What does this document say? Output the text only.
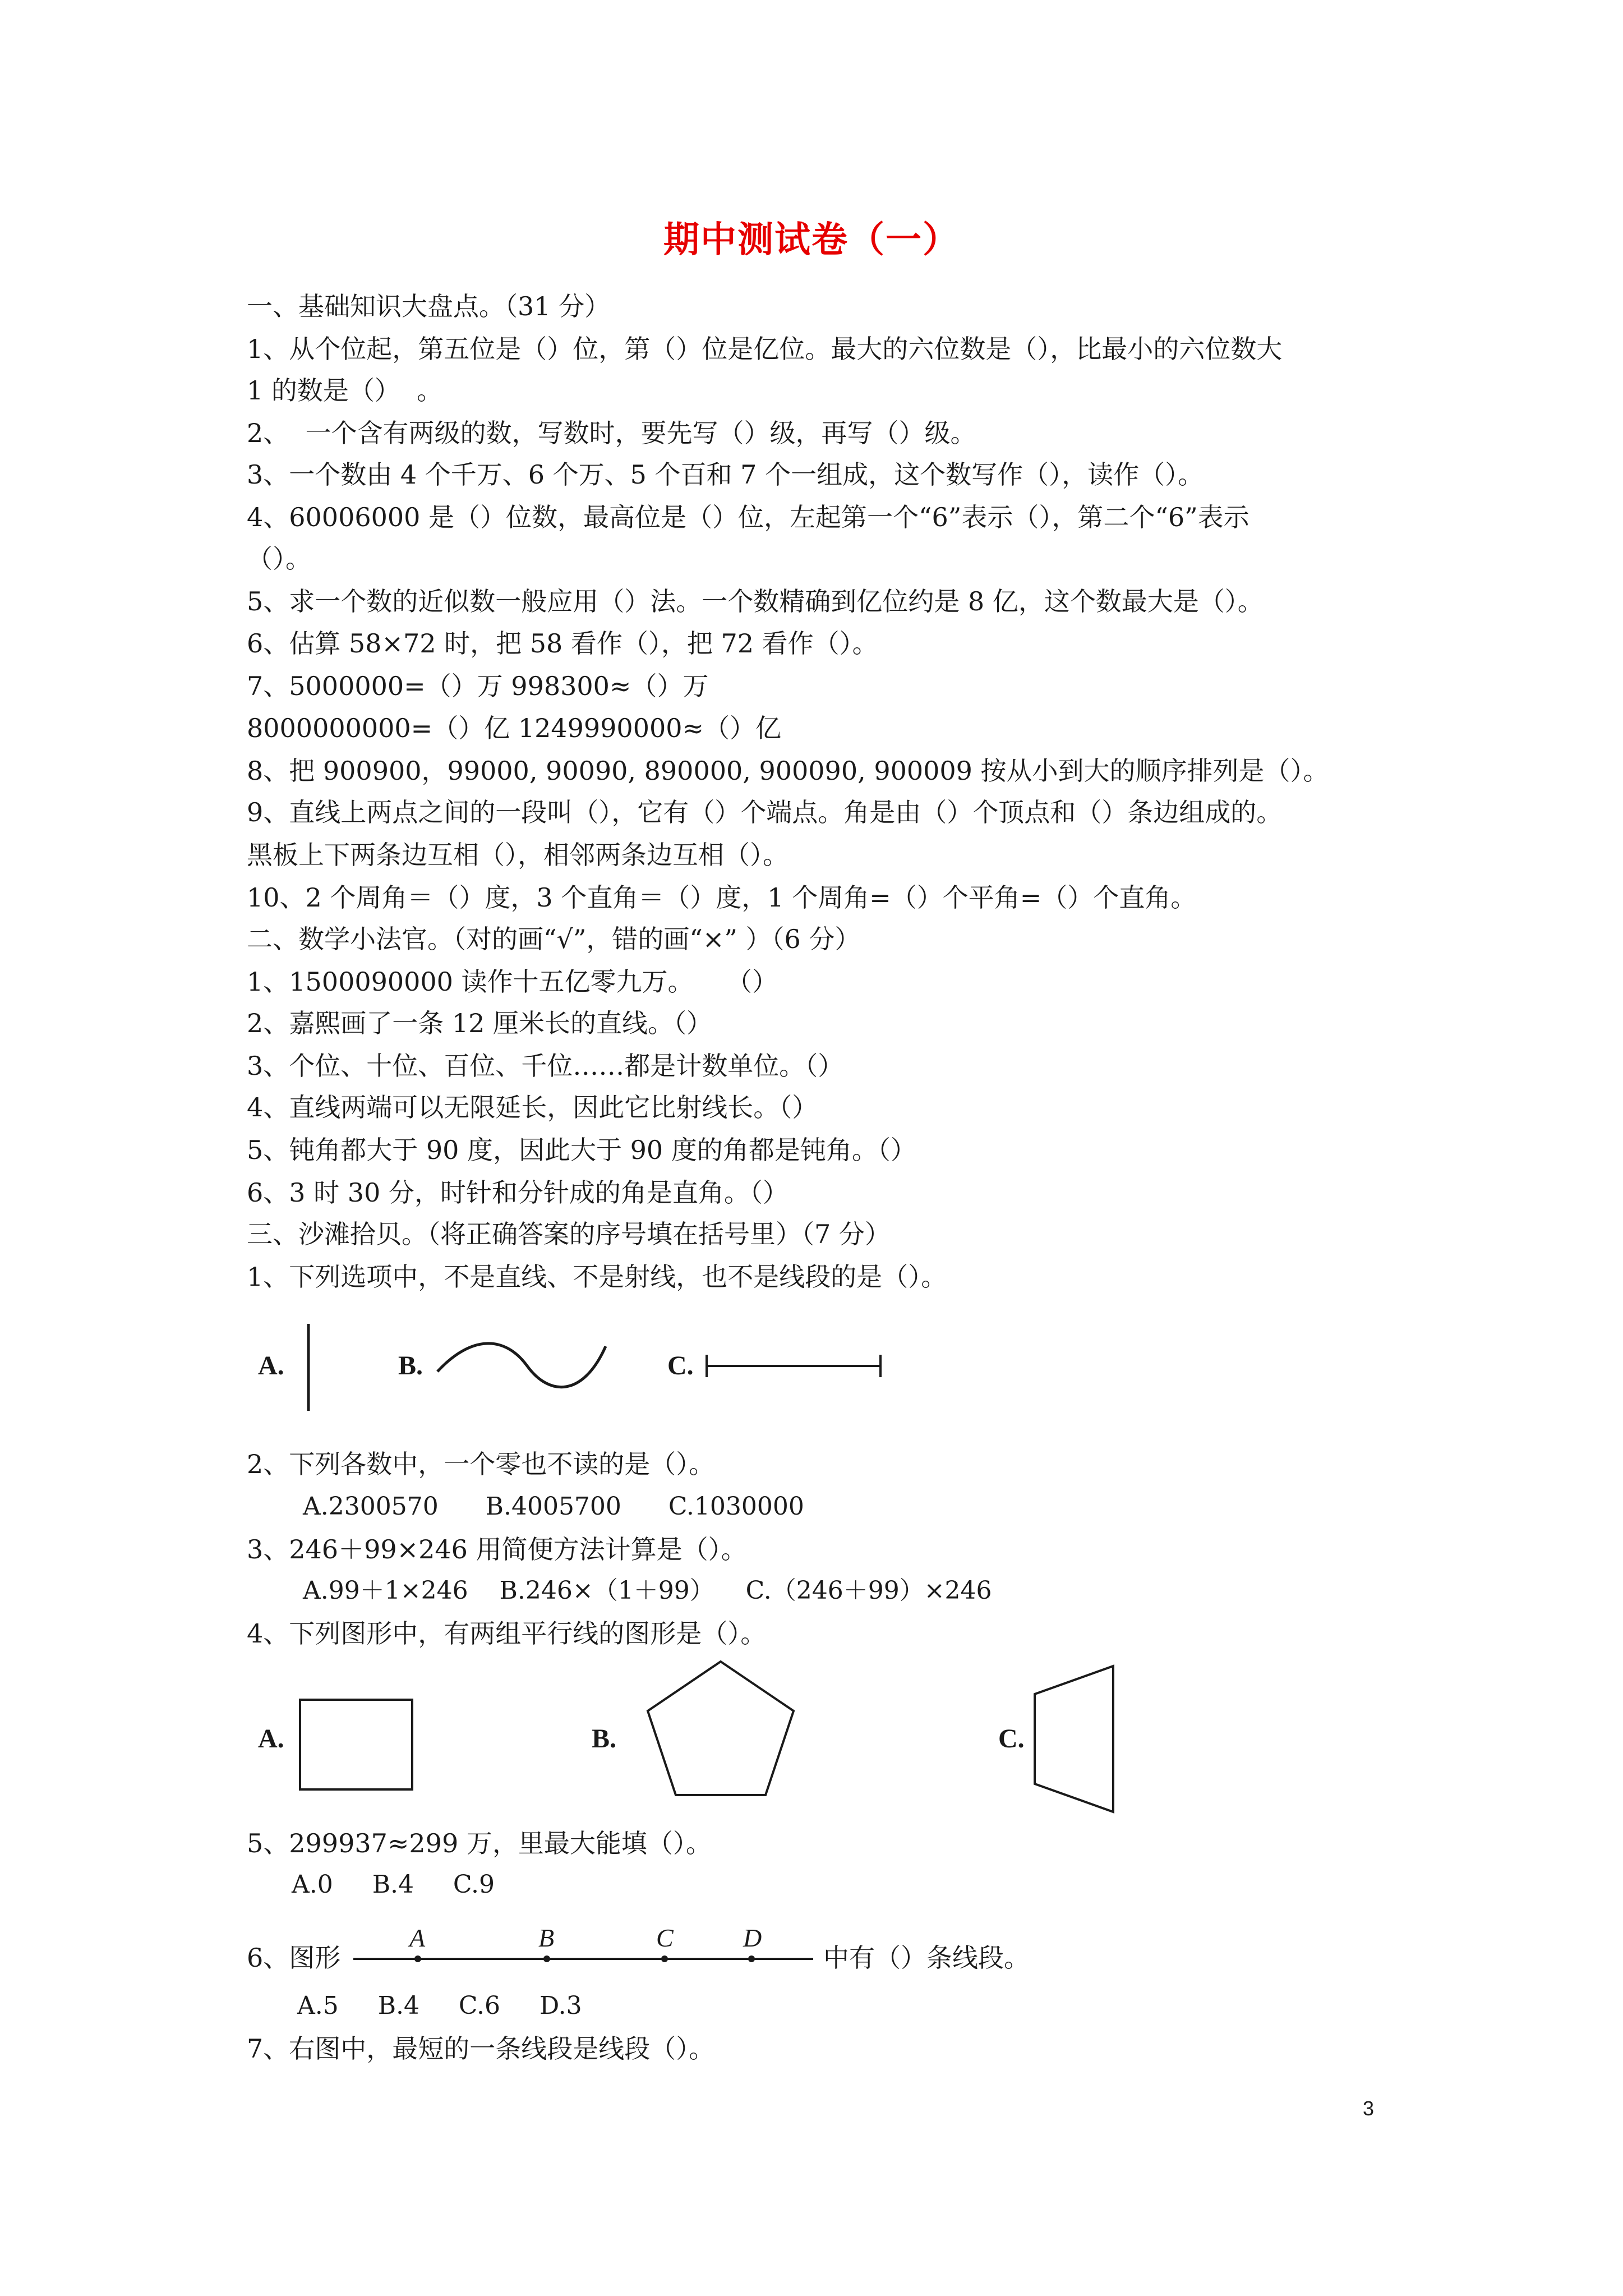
期中测试卷（一）
一、基础知识大盘点。（31 分）
1、从个位起，第五位是（）位，第（）位是亿位。最大的六位数是（），比最小的六位数大
1 的数是（）  。
2、  一个含有两级的数，写数时，要先写（）级，再写（）级。
3、一个数由 4 个千万、6 个万、5 个百和 7 个一组成，这个数写作（），读作（）。
4、60006000 是（）位数，最高位是（）位，左起第一个“6”表示（），第二个“6”表示
（）。
5、求一个数的近似数一般应用（）法。一个数精确到亿位约是 8 亿，这个数最大是（）。
6、估算 58×72 时，把 58 看作（），把 72 看作（）。
7、5000000=（）万 998300≈（）万
8000000000=（）亿 1249990000≈（）亿
8、把 900900，99000, 90090, 890000, 900090, 900009 按从小到大的顺序排列是（）。
9、直线上两点之间的一段叫（），它有（）个端点。角是由（）个顶点和（）条边组成的。
黑板上下两条边互相（），相邻两条边互相（）。
10、2 个周角＝（）度，3 个直角＝（）度，1 个周角=（）个平角=（）个直角。
二、数学小法官。（对的画“√”，错的画“×” ）（6 分）
1、1500090000 读作十五亿零九万。    （）
2、嘉熙画了一条 12 厘米长的直线。（）
3、个位、十位、百位、千位……都是计数单位。（）
4、直线两端可以无限延长，因此它比射线长。（）
5、钝角都大于 90 度，因此大于 90 度的角都是钝角。（）
6、3 时 30 分，时针和分针成的角是直角。（）
三、沙滩拾贝。（将正确答案的序号填在括号里）（7 分）
1、下列选项中，不是直线、不是射线，也不是线段的是（）。
A.	B.	C.
2、下列各数中，一个零也不读的是（）。
A.2300570      B.4005700      C.1030000
3、246＋99×246 用简便方法计算是（）。
A.99＋1×246    B.246×（1＋99）    C.（246＋99）×246
4、下列图形中，有两组平行线的图形是（）。
A.	B.	C.
5、299937≈299 万，里最大能填（）。
A.0     B.4     C.9
6、图形
A	B	C	D
中有（）条线段。
A.5     B.4     C.6     D.3
7、右图中，最短的一条线段是线段（）。
3
